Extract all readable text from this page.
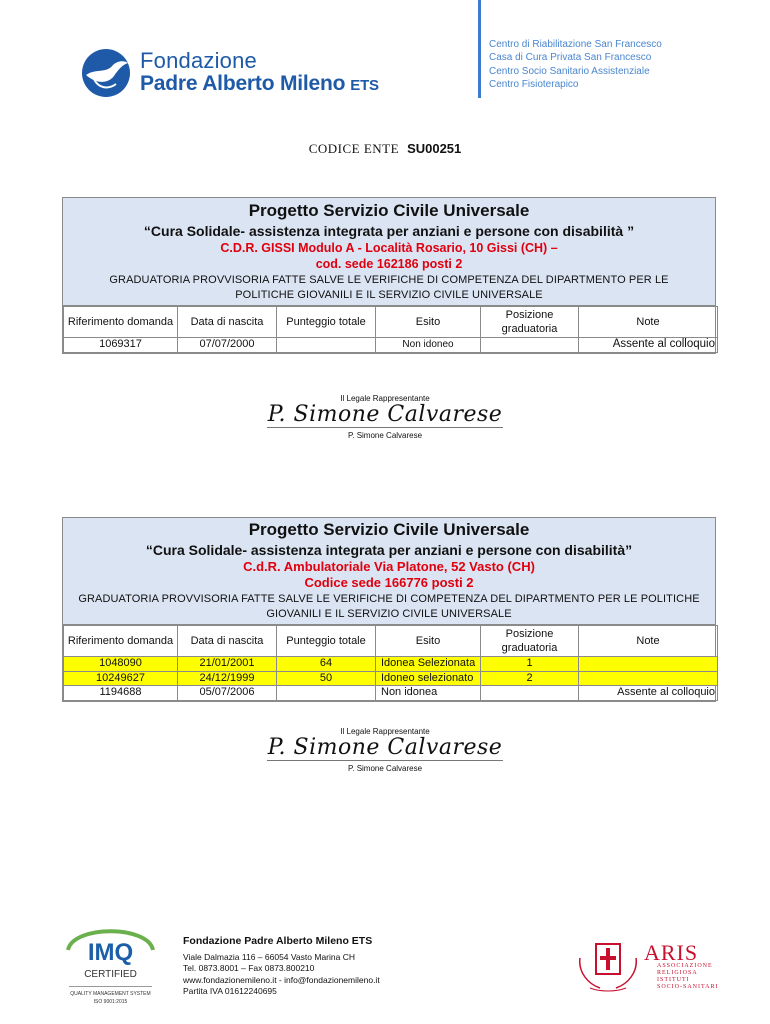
Fondazione
Padre Alberto Mileno ETS
Centro di Riabilitazione San Francesco
Casa di Cura Privata San Francesco
Centro Socio Sanitario Assistenziale
Centro Fisioterapico
CODICE ENTE SU00251
Progetto Servizio Civile Universale
“Cura Solidale- assistenza integrata per anziani e persone con disabilità ”
C.D.R. GISSI Modulo A - Località Rosario, 10 Gissi (CH) –
cod. sede 162186 posti 2
GRADUATORIA PROVVISORIA FATTE SALVE LE VERIFICHE DI COMPETENZA DEL DIPARTMENTO PER LE POLITICHE GIOVANILI E IL SERVIZIO CIVILE UNIVERSALE
Riferimento domanda	Data di nascita	Punteggio totale	Esito	Posizione graduatoria	Note
1069317	07/07/2000		Non idoneo		Assente al colloquio
Il Legale Rappresentante
P. Simone Calvarese
P. Simone Calvarese
Progetto Servizio Civile Universale
“Cura Solidale- assistenza integrata per anziani e persone con disabilità”
C.d.R. Ambulatoriale Via Platone, 52 Vasto (CH)
Codice sede 166776 posti 2
GRADUATORIA PROVVISORIA FATTE SALVE LE VERIFICHE DI COMPETENZA DEL DIPARTMENTO PER LE POLITICHE GIOVANILI E IL SERVIZIO CIVILE UNIVERSALE
Riferimento domanda	Data di nascita	Punteggio totale	Esito	Posizione graduatoria	Note
1048090	21/01/2001	64	Idonea Selezionata	1	
10249627	24/12/1999	50	Idoneo selezionato	2	
1194688	05/07/2006		Non idonea		Assente al colloquio
Il Legale Rappresentante
P. Simone Calvarese
P. Simone Calvarese
IMQ
CERTIFIED
QUALITY MANAGEMENT SYSTEM
ISO 9001:2015
Fondazione Padre Alberto Mileno ETS
Viale Dalmazia 116 – 66054 Vasto Marina CH
Tel. 0873.8001 – Fax 0873.800210
www.fondazionemileno.it - info@fondazionemileno.it
Partita IVA 01612240695
ARIS
ASSOCIAZIONE
RELIGIOSA
ISTITUTI
SOCIO-SANITARI
